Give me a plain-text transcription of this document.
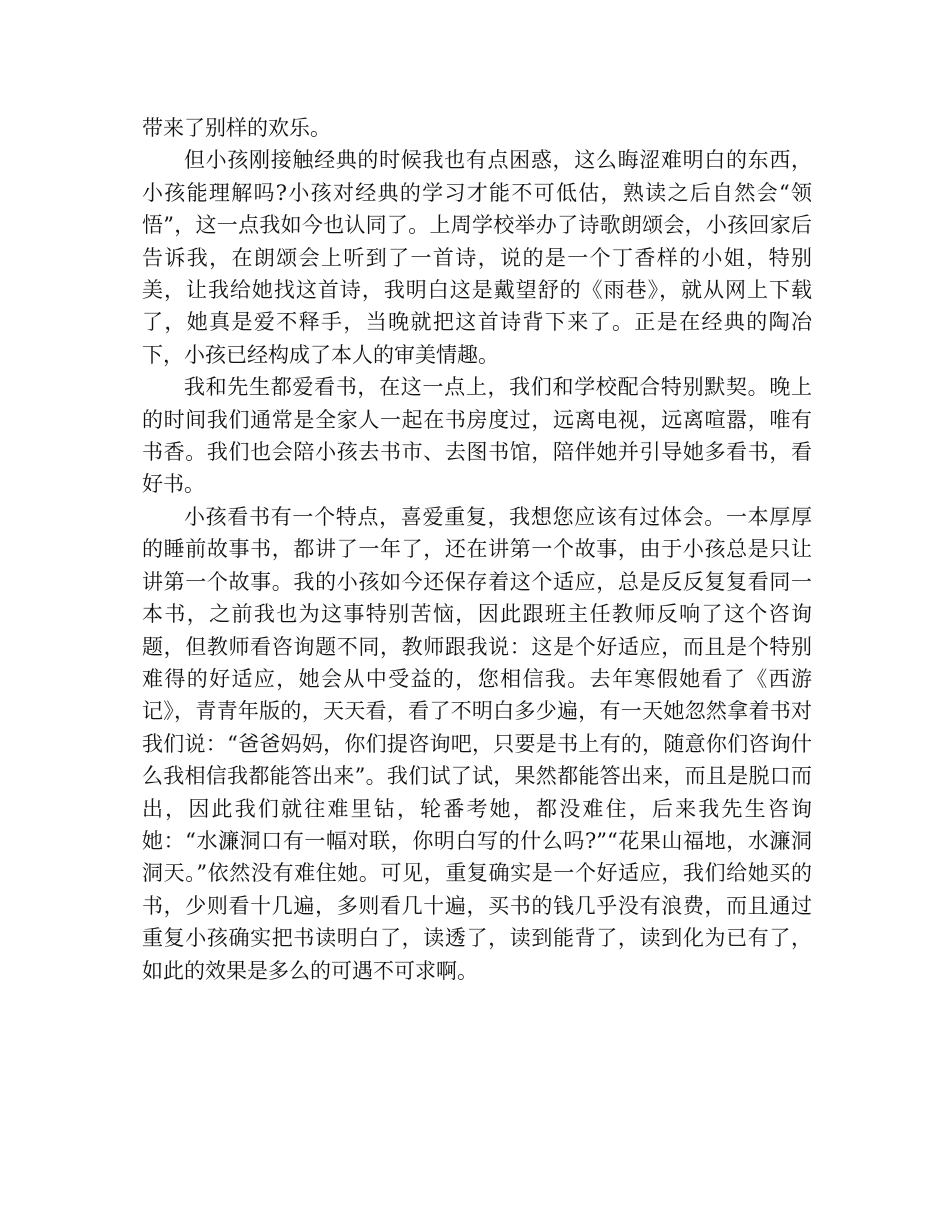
带来了别样的欢乐。

但小孩刚接触经典的时候我也有点困惑，这么晦涩难明白的东西，小孩能理解吗?小孩对经典的学习才能不可低估，熟读之后自然会“领悟”，这一点我如今也认同了。上周学校举办了诗歌朗颂会，小孩回家后告诉我，在朗颂会上听到了一首诗，说的是一个丁香样的小姐，特别美，让我给她找这首诗，我明白这是戴望舒的《雨巷》，就从网上下载了，她真是爱不释手，当晚就把这首诗背下来了。正是在经典的陶冶下，小孩已经构成了本人的审美情趣。

我和先生都爱看书，在这一点上，我们和学校配合特别默契。晚上的时间我们通常是全家人一起在书房度过，远离电视，远离喧嚣，唯有书香。我们也会陪小孩去书市、去图书馆，陪伴她并引导她多看书，看好书。

小孩看书有一个特点，喜爱重复，我想您应该有过体会。一本厚厚的睡前故事书，都讲了一年了，还在讲第一个故事，由于小孩总是只让讲第一个故事。我的小孩如今还保存着这个适应，总是反反复复看同一本书，之前我也为这事特别苦恼，因此跟班主任教师反响了这个咨询题，但教师看咨询题不同，教师跟我说：这是个好适应，而且是个特别难得的好适应，她会从中受益的，您相信我。去年寒假她看了《西游记》，青青年版的，天天看，看了不明白多少遍，有一天她忽然拿着书对我们说：“爸爸妈妈，你们提咨询吧，只要是书上有的，随意你们咨询什么我相信我都能答出来”。我们试了试，果然都能答出来，而且是脱口而出，因此我们就往难里钻，轮番考她，都没难住，后来我先生咨询她：“水濂洞口有一幅对联，你明白写的什么吗?”“花果山福地，水濂洞洞天。”依然没有难住她。可见，重复确实是一个好适应，我们给她买的书，少则看十几遍，多则看几十遍，买书的钱几乎没有浪费，而且通过重复小孩确实把书读明白了，读透了，读到能背了，读到化为已有了，如此的效果是多么的可遇不可求啊。
